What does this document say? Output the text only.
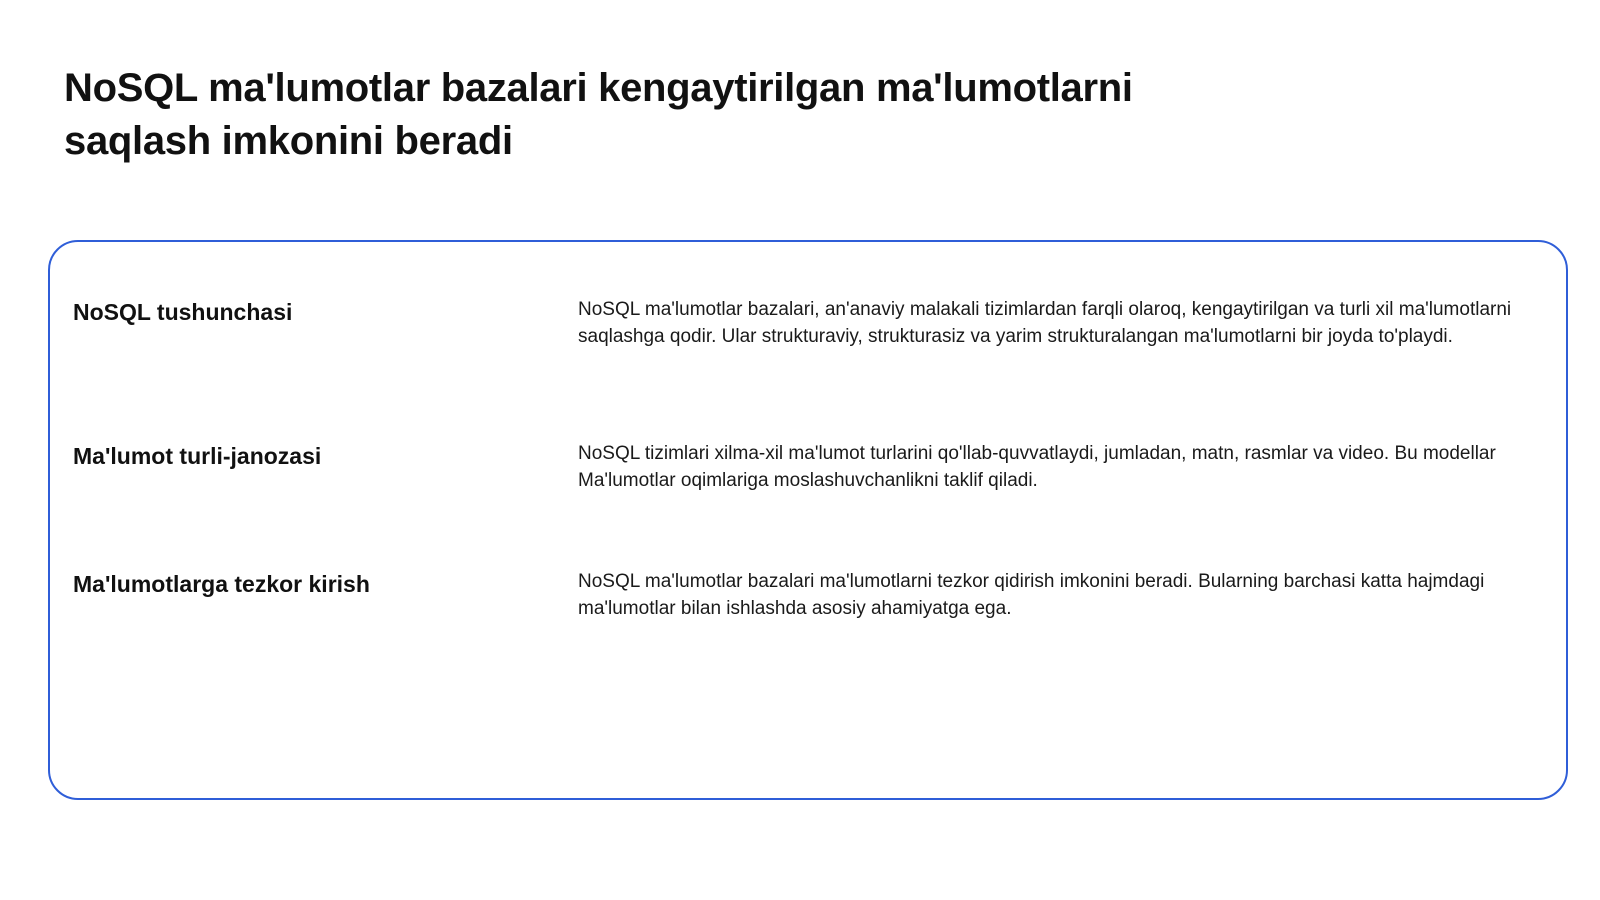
NoSQL ma'lumotlar bazalari kengaytirilgan ma'lumotlarni saqlash imkonini beradi
NoSQL tushunchasi	NoSQL ma'lumotlar bazalari, an'anaviy malakali tizimlardan farqli olaroq, kengaytirilgan va turli xil ma'lumotlarni saqlashga qodir. Ular strukturaviy, strukturasiz va yarim strukturalangan ma'lumotlarni bir joyda to'playdi.
Ma'lumot turli-janozasi	NoSQL tizimlari xilma-xil ma'lumot turlarini qo'llab-quvvatlaydi, jumladan, matn, rasmlar va video. Bu modellar Ma'lumotlar oqimlariga moslashuvchanlikni taklif qiladi.
Ma'lumotlarga tezkor kirish	NoSQL ma'lumotlar bazalari ma'lumotlarni tezkor qidirish imkonini beradi. Bularning barchasi katta hajmdagi ma'lumotlar bilan ishlashda asosiy ahamiyatga ega.
